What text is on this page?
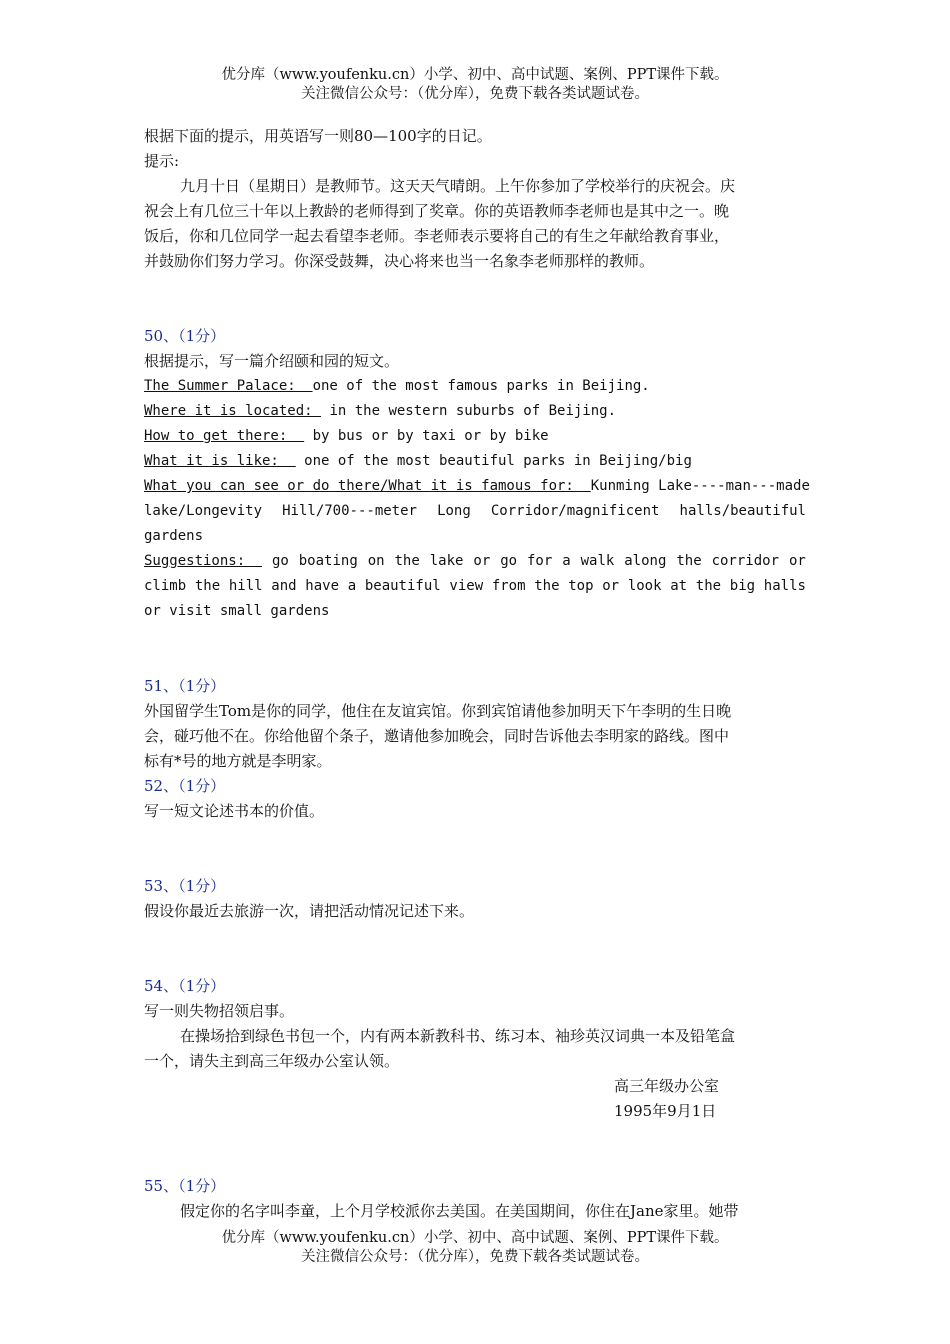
优分库（www.youfenku.cn）小学、初中、高中试题、案例、PPT课件下载。
关注微信公众号：（优分库），免费下载各类试题试卷。
根据下面的提示，用英语写一则80—100字的日记。
提示:
九月十日（星期日）是教师节。这天天气晴朗。上午你参加了学校举行的庆祝会。庆
祝会上有几位三十年以上教龄的老师得到了奖章。你的英语教师李老师也是其中之一。晚
饭后，你和几位同学一起去看望李老师。李老师表示要将自己的有生之年献给教育事业，
并鼓励你们努力学习。你深受鼓舞，决心将来也当一名象李老师那样的教师。
50、（1分）
根据提示，写一篇介绍颐和园的短文。
The Summer Palace:  one of the most famous parks in Beijing.
Where it is located:  in the western suburbs of Beijing.
How to get there:   by bus or by taxi or by bike
What it is like:   one of the most beautiful parks in Beijing/big
What you can see or do there/What it is famous for:  Kunming Lake----man---made
lake/Longevity Hill/700---meter Long Corridor/magnificent halls/beautiful
gardens
Suggestions: go boating on the lake or go for a walk along the corridor or
climb the hill and have a beautiful view from the top or look at the big halls
or visit small gardens
51、（1分）
外国留学生Tom是你的同学，他住在友谊宾馆。你到宾馆请他参加明天下午李明的生日晚
会，碰巧他不在。你给他留个条子，邀请他参加晚会，同时告诉他去李明家的路线。图中
标有*号的地方就是李明家。
52、（1分）
写一短文论述书本的价值。
53、（1分）
假设你最近去旅游一次，请把活动情况记述下来。
54、（1分）
写一则失物招领启事。
在操场拾到绿色书包一个，内有两本新教科书、练习本、袖珍英汉词典一本及铅笔盒
一个，请失主到高三年级办公室认领。
高三年级办公室
1995年9月1日
55、（1分）
假定你的名字叫李童，上个月学校派你去美国。在美国期间，你住在Jane家里。她带
优分库（www.youfenku.cn）小学、初中、高中试题、案例、PPT课件下载。
关注微信公众号：（优分库），免费下载各类试题试卷。
